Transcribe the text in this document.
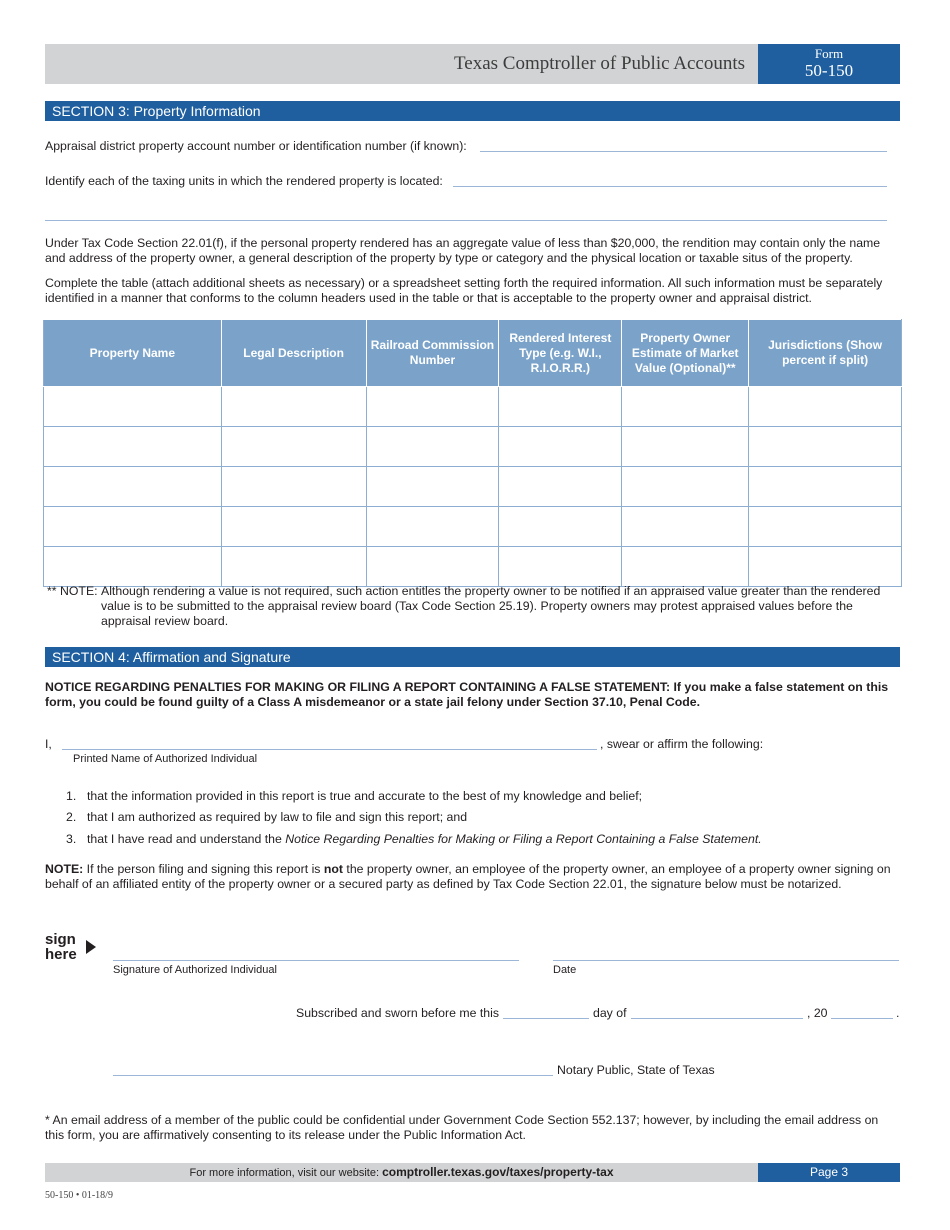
Texas Comptroller of Public Accounts	Form
50-150
SECTION 3: Property Information
Appraisal district property account number or identification number (if known):
Identify each of the taxing units in which the rendered property is located:
Under Tax Code Section 22.01(f), if the personal property rendered has an aggregate value of less than $20,000, the rendition may contain only the name and address of the property owner, a general description of the property by type or category and the physical location or taxable situs of the property.
Complete the table (attach additional sheets as necessary) or a spreadsheet setting forth the required information. All such information must be separately identified in a manner that conforms to the column headers used in the table or that is acceptable to the property owner and appraisal district.
Property Name	Legal Description	Railroad Commission Number	Rendered Interest Type (e.g. W.I., R.I.O.R.R.)	Property Owner Estimate of Market Value (Optional)**	Jurisdictions (Show percent if split)

** NOTE: Although rendering a value is not required, such action entitles the property owner to be notified if an appraised value greater than the rendered value is to be submitted to the appraisal review board (Tax Code Section 25.19). Property owners may protest appraised values before the appraisal review board.
SECTION 4: Affirmation and Signature
NOTICE REGARDING PENALTIES FOR MAKING OR FILING A REPORT CONTAINING A FALSE STATEMENT: If you make a false statement on this form, you could be found guilty of a Class A misdemeanor or a state jail felony under Section 37.10, Penal Code.
I,	, swear or affirm the following:
Printed Name of Authorized Individual
1. that the information provided in this report is true and accurate to the best of my knowledge and belief;
2. that I am authorized as required by law to file and sign this report; and
3. that I have read and understand the Notice Regarding Penalties for Making or Filing a Report Containing a False Statement.
NOTE: If the person filing and signing this report is not the property owner, an employee of the property owner, an employee of a property owner signing on behalf of an affiliated entity of the property owner or a secured party as defined by Tax Code Section 22.01, the signature below must be notarized.
sign
here
Signature of Authorized Individual	Date
Subscribed and sworn before me this	day of	, 20	.
Notary Public, State of Texas
* An email address of a member of the public could be confidential under Government Code Section 552.137; however, by including the email address on this form, you are affirmatively consenting to its release under the Public Information Act.
For more information, visit our website: comptroller.texas.gov/taxes/property-tax	Page 3
50-150 • 01-18/9
